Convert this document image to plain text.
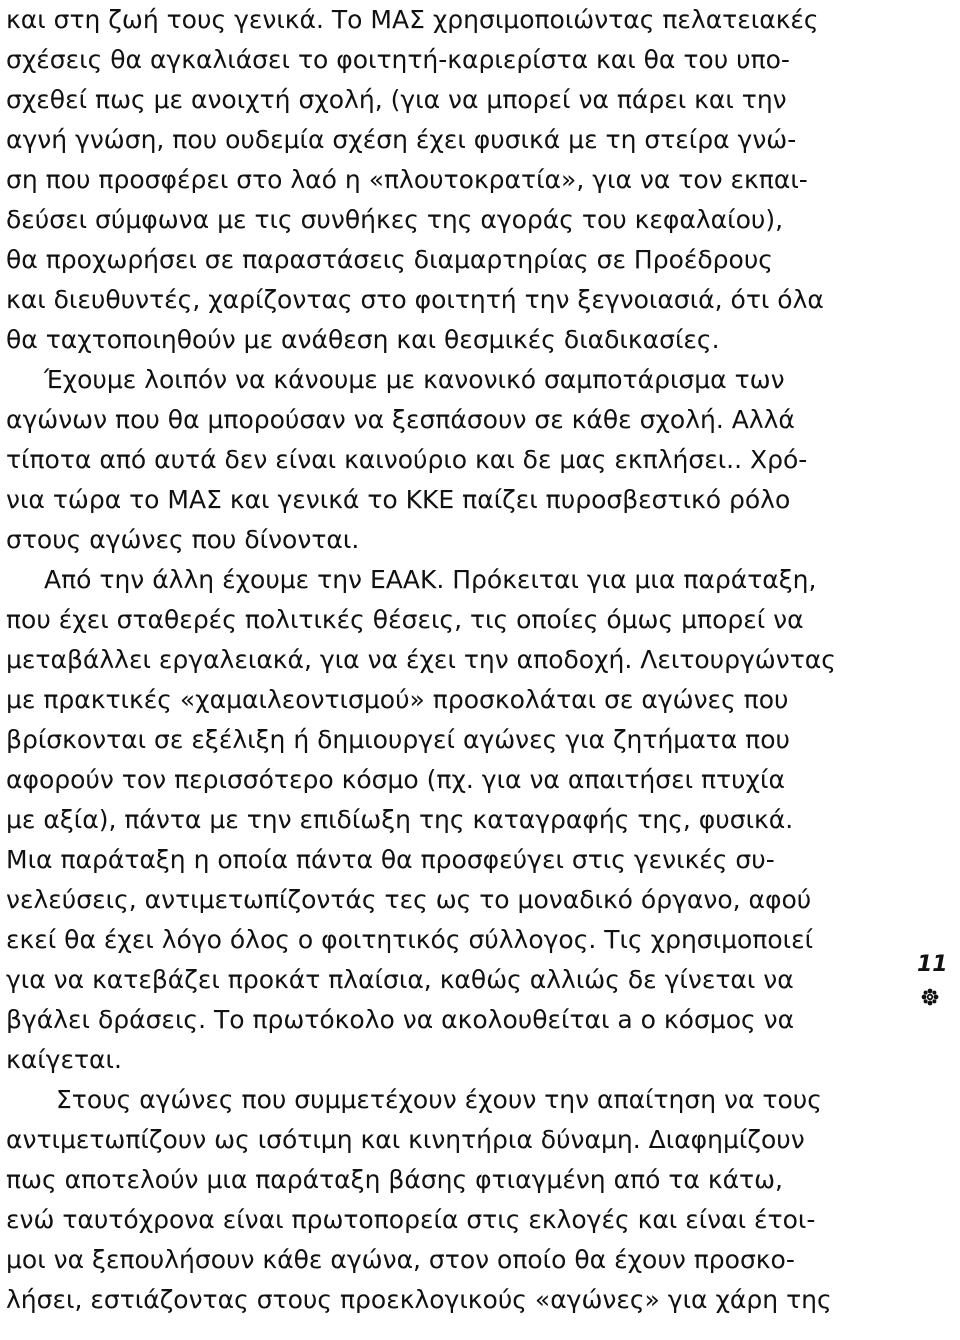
και στη ζωή τους γενικά. Το ΜΑΣ χρησιμοποιώντας πελατειακές
σχέσεις θα αγκαλιάσει το φοιτητή-καριερίστα και θα του υπο-
σχεθεί πως με ανοιχτή σχολή, (για να μπορεί να πάρει και την
αγνή γνώση, που ουδεμία σχέση έχει φυσικά με τη στείρα γνώ-
ση που προσφέρει στο λαό η «πλουτοκρατία», για να τον εκπαι-
δεύσει σύμφωνα με τις συνθήκες της αγοράς του κεφαλαίου),
θα προχωρήσει σε παραστάσεις διαμαρτηρίας σε Προέδρους
και διευθυντές, χαρίζοντας στο φοιτητή την ξεγνοιασιά, ότι όλα
θα ταχτοποιηθούν με ανάθεση και θεσμικές διαδικασίες.
Έχουμε λοιπόν να κάνουμε με κανονικό σαμποτάρισμα των
αγώνων που θα μπορούσαν να ξεσπάσουν σε κάθε σχολή. Αλλά
τίποτα από αυτά δεν είναι καινούριο και δε μας εκπλήσει.. Χρό-
νια τώρα το ΜΑΣ και γενικά το ΚΚΕ παίζει πυροσβεστικό ρόλο
στους αγώνες που δίνονται.
Από την άλλη έχουμε την ΕΑΑΚ. Πρόκειται για μια παράταξη,
που έχει σταθερές πολιτικές θέσεις, τις οποίες όμως μπορεί να
μεταβάλλει εργαλειακά, για να έχει την αποδοχή. Λειτουργώντας
με πρακτικές «χαμαιλεοντισμού» προσκολάται σε αγώνες που
βρίσκονται σε εξέλιξη ή δημιουργεί αγώνες για ζητήματα που
αφορούν τον περισσότερο κόσμο (πχ. για να απαιτήσει πτυχία
με αξία), πάντα με την επιδίωξη της καταγραφής της, φυσικά.
Μια παράταξη η οποία πάντα θα προσφεύγει στις γενικές συ-
νελεύσεις, αντιμετωπίζοντάς τες ως το μοναδικό όργανο, αφού
εκεί θα έχει λόγο όλος ο φοιτητικός σύλλογος. Τις χρησιμοποιεί
για να κατεβάζει προκάτ πλαίσια, καθώς αλλιώς δε γίνεται να
βγάλει δράσεις. Το πρωτόκολο να ακολουθείται a ο κόσμος να
καίγεται.
Στους αγώνες που συμμετέχουν έχουν την απαίτηση να τους
αντιμετωπίζουν ως ισότιμη και κινητήρια δύναμη. Διαφημίζουν
πως αποτελούν μια παράταξη βάσης φτιαγμένη από τα κάτω,
ενώ ταυτόχρονα είναι πρωτοπορεία στις εκλογές και είναι έτοι-
μοι να ξεπουλήσουν κάθε αγώνα, στον οποίο θα έχουν προσκο-
λήσει, εστιάζοντας στους προεκλογικούς «αγώνες» για χάρη της
11
